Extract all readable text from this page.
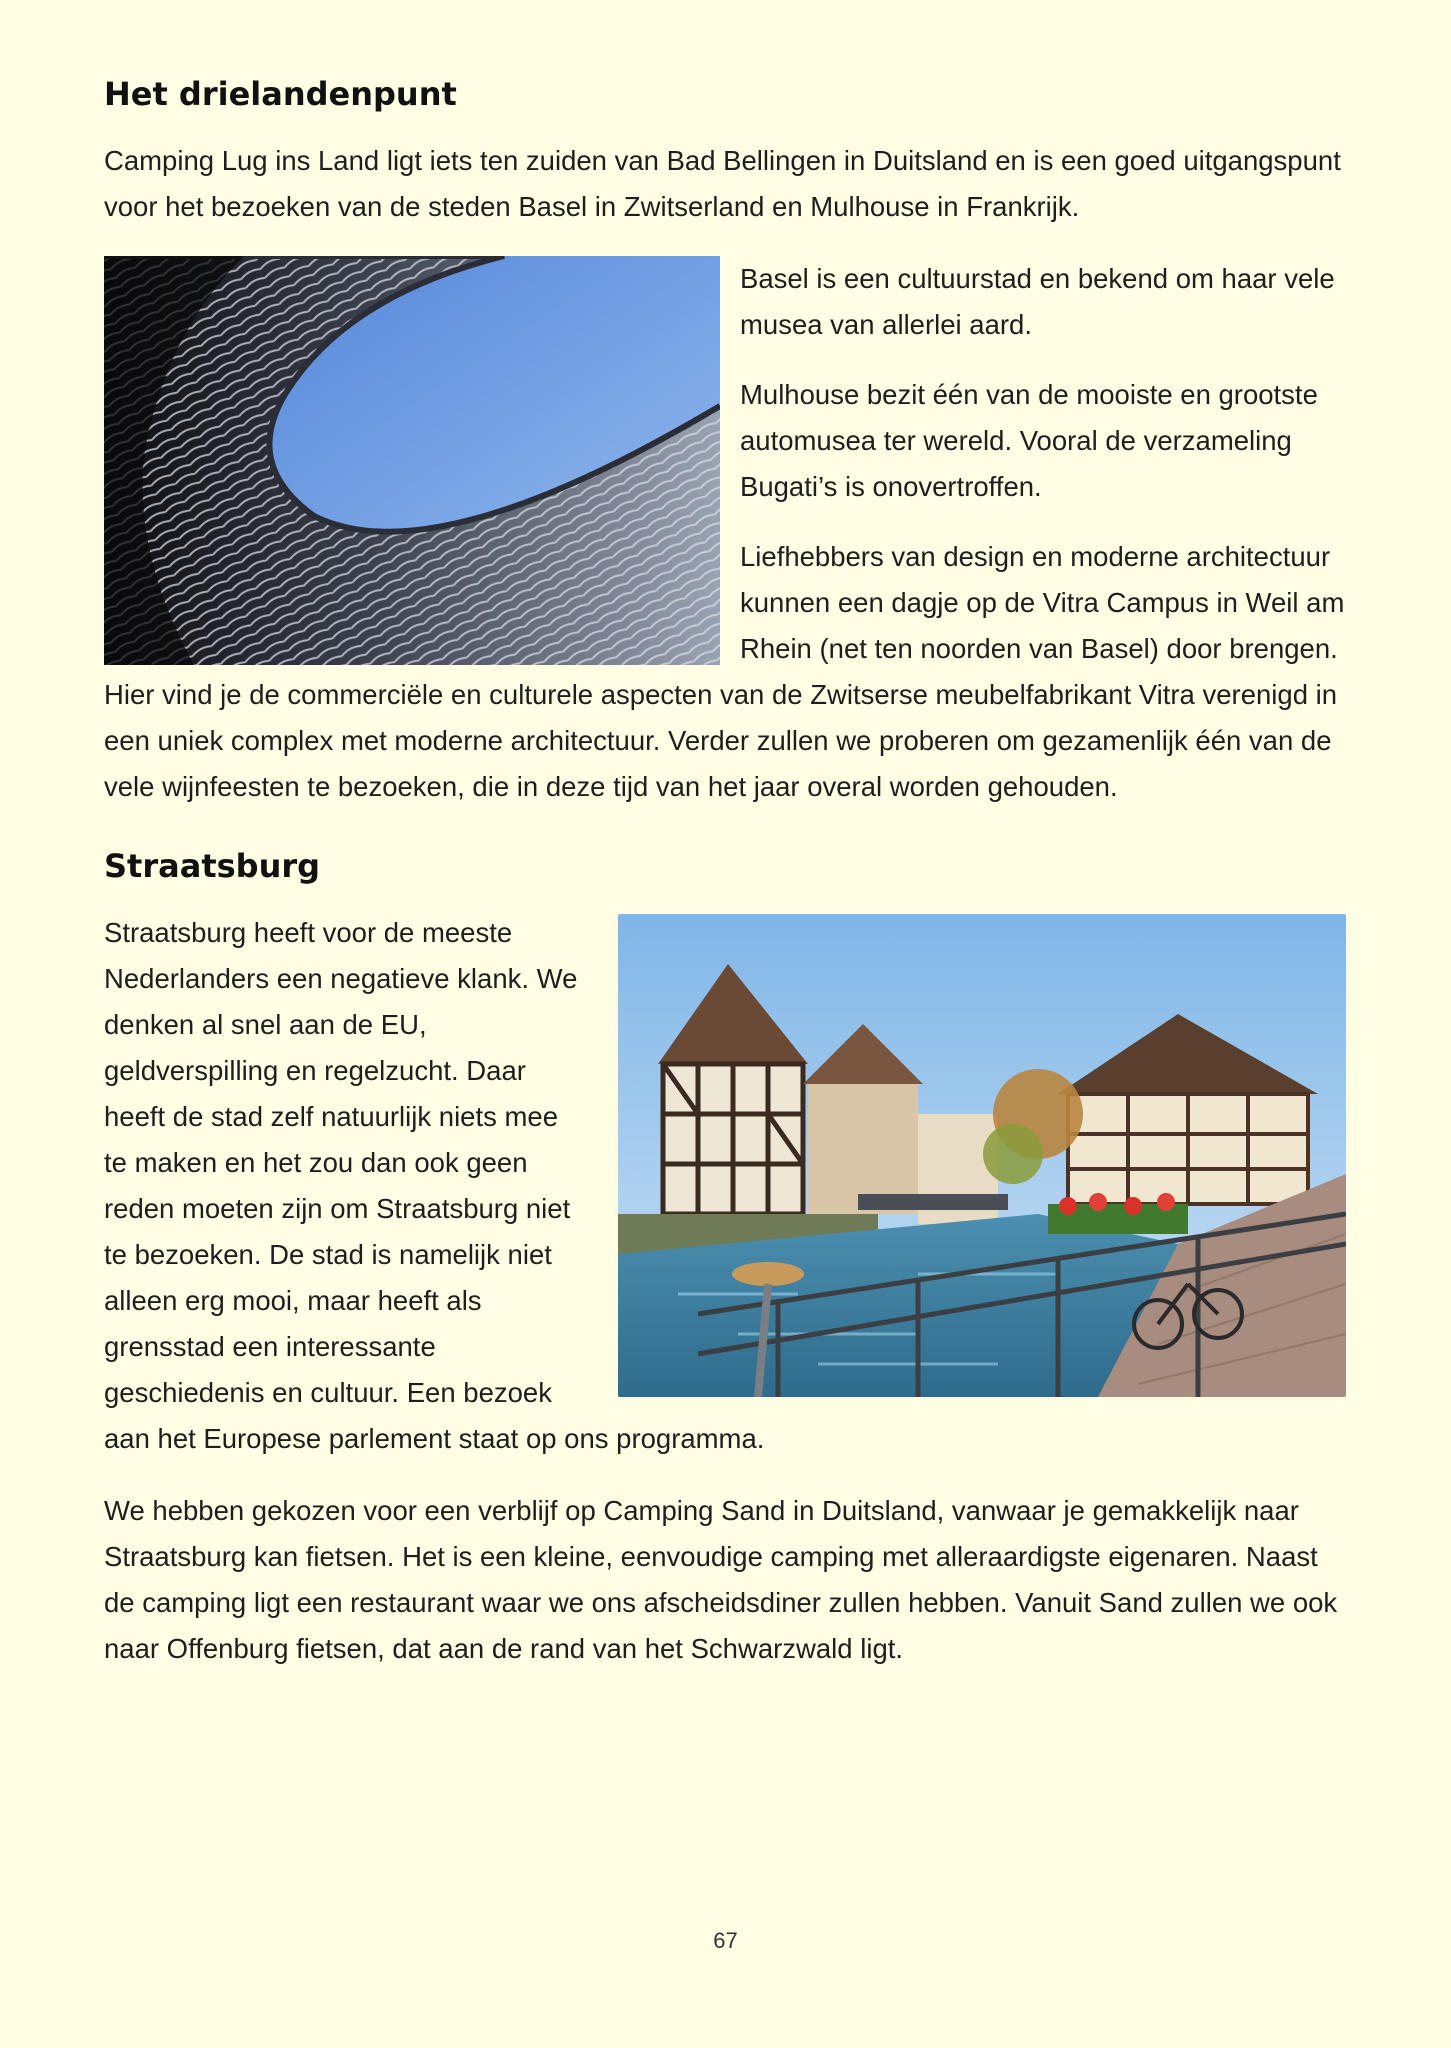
Het drielandenpunt

Camping Lug ins Land ligt iets ten zuiden van Bad Bellingen in Duitsland en is een goed uitgangspunt voor het bezoeken van de steden Basel in Zwitserland en Mulhouse in Frankrijk.

Basel is een cultuurstad en bekend om haar vele musea van allerlei aard.

Mulhouse bezit één van de mooiste en grootste automusea ter wereld. Vooral de verzameling Bugati’s is onovertroffen.

Liefhebbers van design en moderne architectuur kunnen een dagje op de Vitra Campus in Weil am Rhein (net ten noorden van Basel) door brengen. Hier vind je de commerciële en culturele aspecten van de Zwitserse meubelfabrikant Vitra verenigd in een uniek complex met moderne architectuur. Verder zullen we proberen om gezamenlijk één van de vele wijnfeesten te bezoeken, die in deze tijd van het jaar overal worden gehouden.

Straatsburg

Straatsburg heeft voor de meeste Nederlanders een negatieve klank. We denken al snel aan de EU, geldverspilling en regelzucht. Daar heeft de stad zelf natuurlijk niets mee te maken en het zou dan ook geen reden moeten zijn om Straatsburg niet te bezoeken. De stad is namelijk niet alleen erg mooi, maar heeft als grensstad een interessante geschiedenis en cultuur. Een bezoek aan het Europese parlement staat op ons programma.

We hebben gekozen voor een verblijf op Camping Sand in Duitsland, vanwaar je gemakkelijk naar Straatsburg kan fietsen. Het is een kleine, eenvoudige camping met alleraardigste eigenaren. Naast de camping ligt een restaurant waar we ons afscheidsdiner zullen hebben. Vanuit Sand zullen we ook naar Offenburg fietsen, dat aan de rand van het Schwarzwald ligt.

67
